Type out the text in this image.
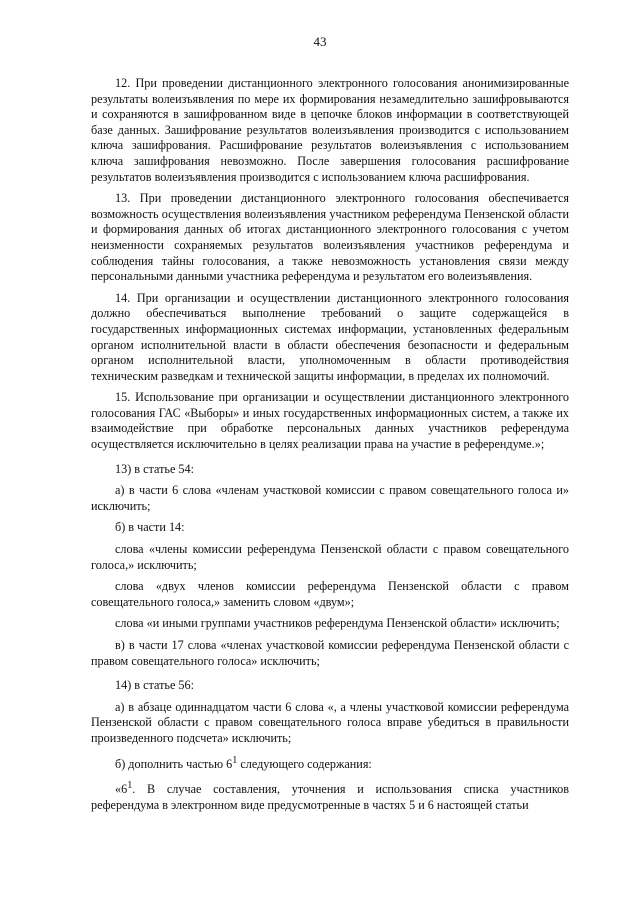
43

12. При проведении дистанционного электронного голосования анонимизированные результаты волеизъявления по мере их формирования незамедлительно зашифровываются и сохраняются в зашифрованном виде в цепочке блоков информации в соответствующей базе данных. Зашифрование результатов волеизъявления производится с использованием ключа зашифрования. Расшифрование результатов волеизъявления с использованием ключа зашифрования невозможно. После завершения голосования расшифрование результатов волеизъявления производится с использованием ключа расшифрования.

13. При проведении дистанционного электронного голосования обеспечивается возможность осуществления волеизъявления участником референдума Пензенской области и формирования данных об итогах дистанционного электронного голосования с учетом неизменности сохраняемых результатов волеизъявления участников референдума и соблюдения тайны голосования, а также невозможность установления связи между персональными данными участника референдума и результатом его волеизъявления.

14. При организации и осуществлении дистанционного электронного голосования должно обеспечиваться выполнение требований о защите содержащейся в государственных информационных системах информации, установленных федеральным органом исполнительной власти в области обеспечения безопасности и федеральным органом исполнительной власти, уполномоченным в области противодействия техническим разведкам и технической защиты информации, в пределах их полномочий.

15. Использование при организации и осуществлении дистанционного электронного голосования ГАС «Выборы» и иных государственных информационных систем, а также их взаимодействие при обработке персональных данных участников референдума осуществляется исключительно в целях реализации права на участие в референдуме.»;

13) в статье 54:

а) в части 6 слова «членам участковой комиссии с правом совещательного голоса и» исключить;

б) в части 14:

слова «члены комиссии референдума Пензенской области с правом совещательного голоса,» исключить;

слова «двух членов комиссии референдума Пензенской области с правом совещательного голоса,» заменить словом «двум»;

слова «и иными группами участников референдума Пензенской области» исключить;

в) в части 17 слова «членах участковой комиссии референдума Пензенской области с правом совещательного голоса» исключить;

14) в статье 56:

а) в абзаце одиннадцатом части 6 слова «, а члены участковой комиссии референдума Пензенской области с правом совещательного голоса вправе убедиться в правильности произведенного подсчета» исключить;

б) дополнить частью $6^1$ следующего содержания:

«$6^1$. В случае составления, уточнения и использования списка участников референдума в электронном виде предусмотренные в частях 5 и 6 настоящей статьи
